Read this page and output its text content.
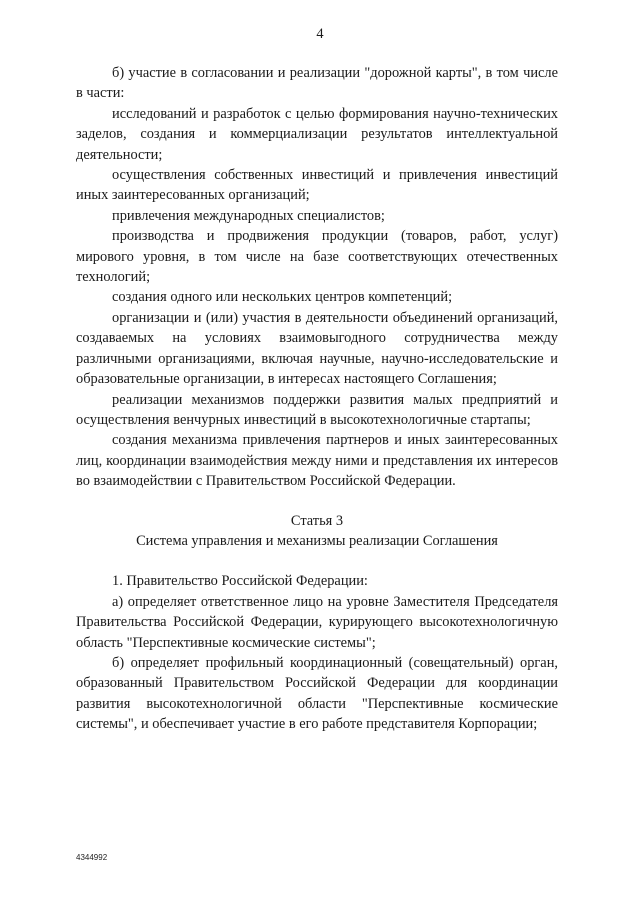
4

б) участие в согласовании и реализации "дорожной карты", в том числе в части:

исследований и разработок с целью формирования научно-технических заделов, создания и коммерциализации результатов интеллектуальной деятельности;

осуществления собственных инвестиций и привлечения инвестиций иных заинтересованных организаций;

привлечения международных специалистов;

производства и продвижения продукции (товаров, работ, услуг) мирового уровня, в том числе на базе соответствующих отечественных технологий;

создания одного или нескольких центров компетенций;

организации и (или) участия в деятельности объединений организаций, создаваемых на условиях взаимовыгодного сотрудничества между различными организациями, включая научные, научно-исследовательские и образовательные организации, в интересах настоящего Соглашения;

реализации механизмов поддержки развития малых предприятий и осуществления венчурных инвестиций в высокотехнологичные стартапы;

создания механизма привлечения партнеров и иных заинтересованных лиц, координации взаимодействия между ними и представления их интересов во взаимодействии с Правительством Российской Федерации.

Статья 3

Система управления и механизмы реализации Соглашения

1. Правительство Российской Федерации:

а) определяет ответственное лицо на уровне Заместителя Председателя Правительства Российской Федерации, курирующего высокотехнологичную область "Перспективные космические системы";

б) определяет профильный координационный (совещательный) орган, образованный Правительством Российской Федерации для координации развития высокотехнологичной области "Перспективные космические системы", и обеспечивает участие в его работе представителя Корпорации;

4344992
